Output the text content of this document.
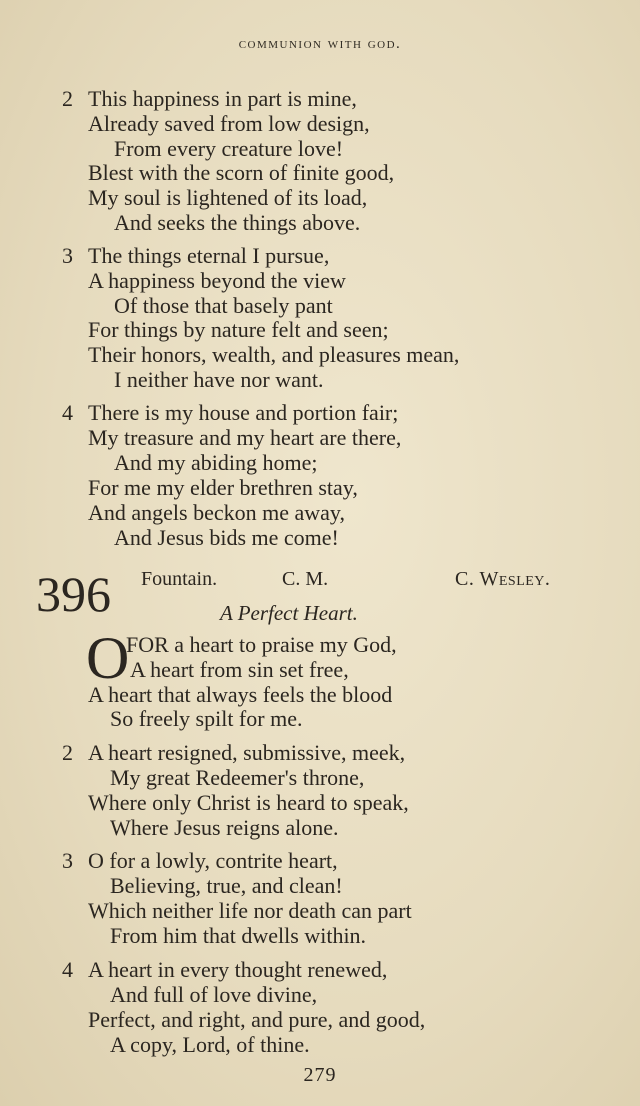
communion with god.
2 This happiness in part is mine,
Already saved from low design,
From every creature love!
Blest with the scorn of finite good,
My soul is lightened of its load,
And seeks the things above.
3 The things eternal I pursue,
A happiness beyond the view
Of those that basely pant
For things by nature felt and seen;
Their honors, wealth, and pleasures mean,
I neither have nor want.
4 There is my house and portion fair;
My treasure and my heart are there,
And my abiding home;
For me my elder brethren stay,
And angels beckon me away,
And Jesus bids me come!
396 Fountain.	C. M.	C. Wesley.
A Perfect Heart.
O
FOR a heart to praise my God,
A heart from sin set free,
A heart that always feels the blood
So freely spilt for me.
2 A heart resigned, submissive, meek,
My great Redeemer's throne,
Where only Christ is heard to speak,
Where Jesus reigns alone.
3 O for a lowly, contrite heart,
Believing, true, and clean!
Which neither life nor death can part
From him that dwells within.
4 A heart in every thought renewed,
And full of love divine,
Perfect, and right, and pure, and good,
A copy, Lord, of thine.
279
